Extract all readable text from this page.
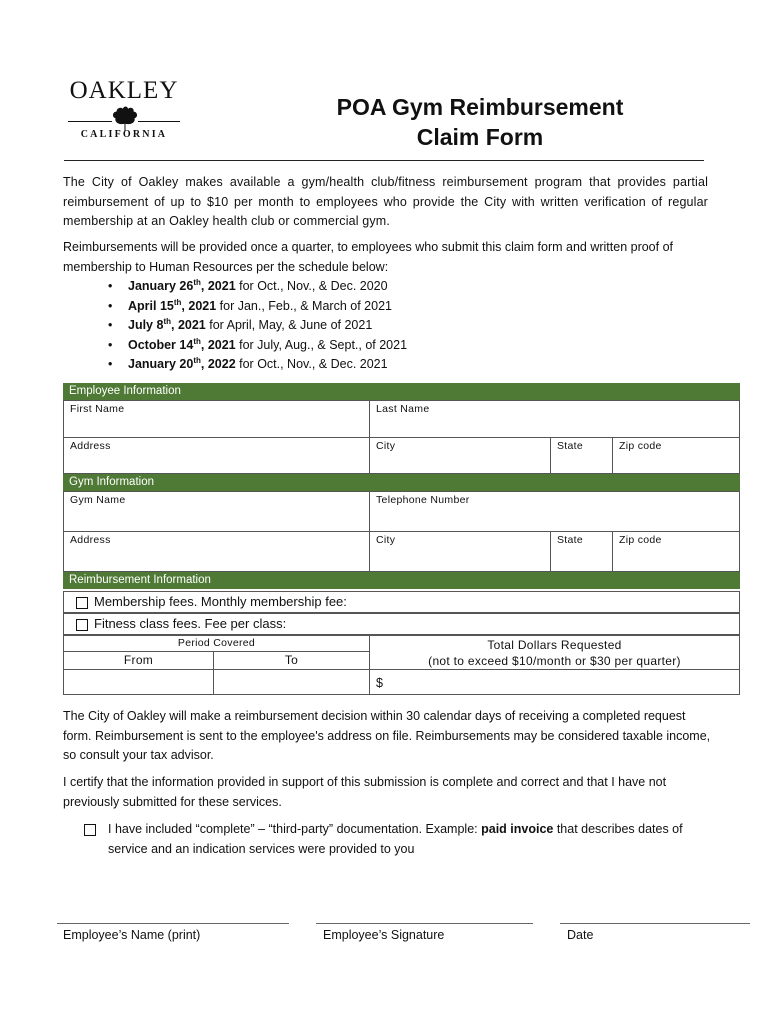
OAKLEY
CALIFORNIA
POA Gym Reimbursement
Claim Form
The City of Oakley makes available a gym/health club/fitness reimbursement program that provides partial reimbursement of up to $10 per month to employees who provide the City with written verification of regular membership at an Oakley health club or commercial gym.
Reimbursements will be provided once a quarter, to employees who submit this claim form and written proof of membership to Human Resources per the schedule below:
• January 26th, 2021 for Oct., Nov., & Dec. 2020
• April 15th, 2021 for Jan., Feb., & March of 2021
• July 8th, 2021 for April, May, & June of 2021
• October 14th, 2021 for July, Aug., & Sept., of 2021
• January 20th, 2022 for Oct., Nov., & Dec. 2021
Employee Information
First Name	Last Name
Address	City	State	Zip code
Gym Information
Gym Name	Telephone Number
Address	City	State	Zip code
Reimbursement Information
Membership fees. Monthly membership fee:
Fitness class fees. Fee per class:
Period Covered
From	To
Total Dollars Requested
(not to exceed $10/month or $30 per quarter)
$
The City of Oakley will make a reimbursement decision within 30 calendar days of receiving a completed request form. Reimbursement is sent to the employee's address on file. Reimbursements may be considered taxable income, so consult your tax advisor.
I certify that the information provided in support of this submission is complete and correct and that I have not previously submitted for these services.
I have included “complete” – “third-party” documentation. Example: paid invoice that describes dates of service and an indication services were provided to you
Employee’s Name (print)	Employee’s Signature	Date
